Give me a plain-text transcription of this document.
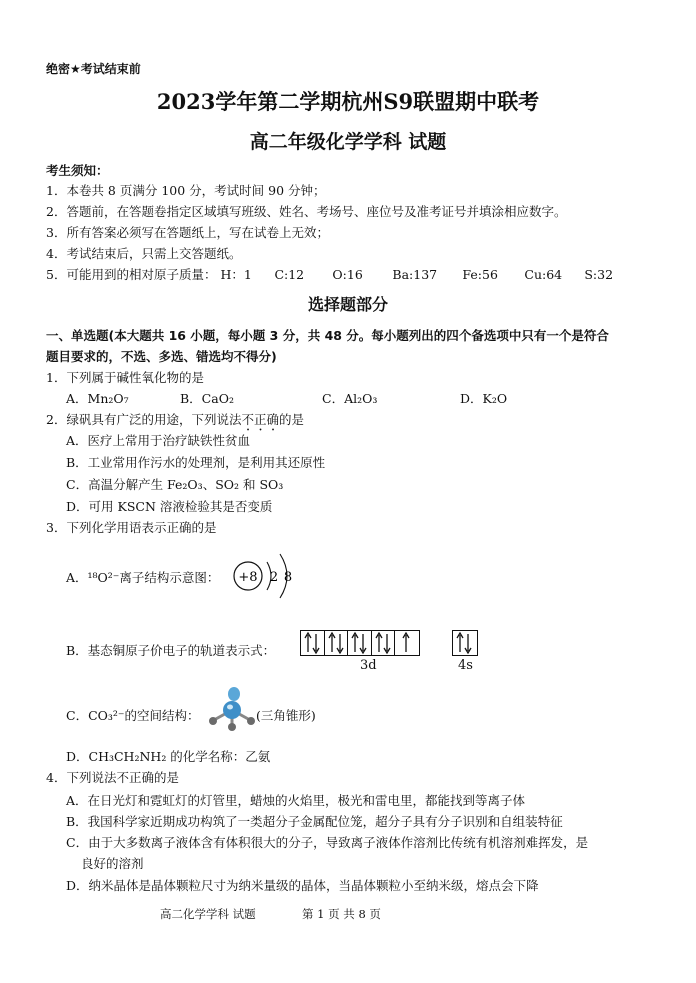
绝密★考试结束前
2023学年第二学期杭州S9联盟期中联考
高二年级化学学科 试题
考生须知：
1．本卷共 8 页满分 100 分，考试时间 90 分钟；
2．答题前，在答题卷指定区域填写班级、姓名、考场号、座位号及准考证号并填涂相应数字。
3．所有答案必须写在答题纸上，写在试卷上无效；
4．考试结束后，只需上交答题纸。
5．可能用到的相对原子质量： H：1 C:12 O:16 Ba:137 Fe:56 Cu:64 S:32
选择题部分
一、单选题(本大题共 16 小题，每小题 3 分，共 48 分。每小题列出的四个备选项中只有一个是符合
题目要求的，不选、多选、错选均不得分)
1．下列属于碱性氧化物的是
A．Mn₂O₇	B．CaO₂	C．Al₂O₃	D．K₂O
2．绿矾具有广泛的用途，下列说法不正确的是
A．医疗上常用于治疗缺铁性贫血
B．工业常用作污水的处理剂，是利用其还原性
C．高温分解产生 Fe₂O₃、SO₂ 和 SO₃
D．可用 KSCN 溶液检验其是否变质
3．下列化学用语表示正确的是
A．¹⁸O²⁻离子结构示意图： +8 2 8
B．基态铜原子价电子的轨道表示式：
3d	4s
C．CO₃²⁻的空间结构：	(三角锥形)
D．CH₃CH₂NH₂ 的化学名称：乙氨
4．下列说法不正确的是
A．在日光灯和霓虹灯的灯管里，蜡烛的火焰里，极光和雷电里，都能找到等离子体
B．我国科学家近期成功构筑了一类超分子金属配位笼，超分子具有分子识别和自组装特征
C．由于大多数离子液体含有体积很大的分子，导致离子液体作溶剂比传统有机溶剂难挥发，是
良好的溶剂
D．纳米晶体是晶体颗粒尺寸为纳米量级的晶体，当晶体颗粒小至纳米级，熔点会下降
高二化学学科 试题	第 1 页 共 8 页
